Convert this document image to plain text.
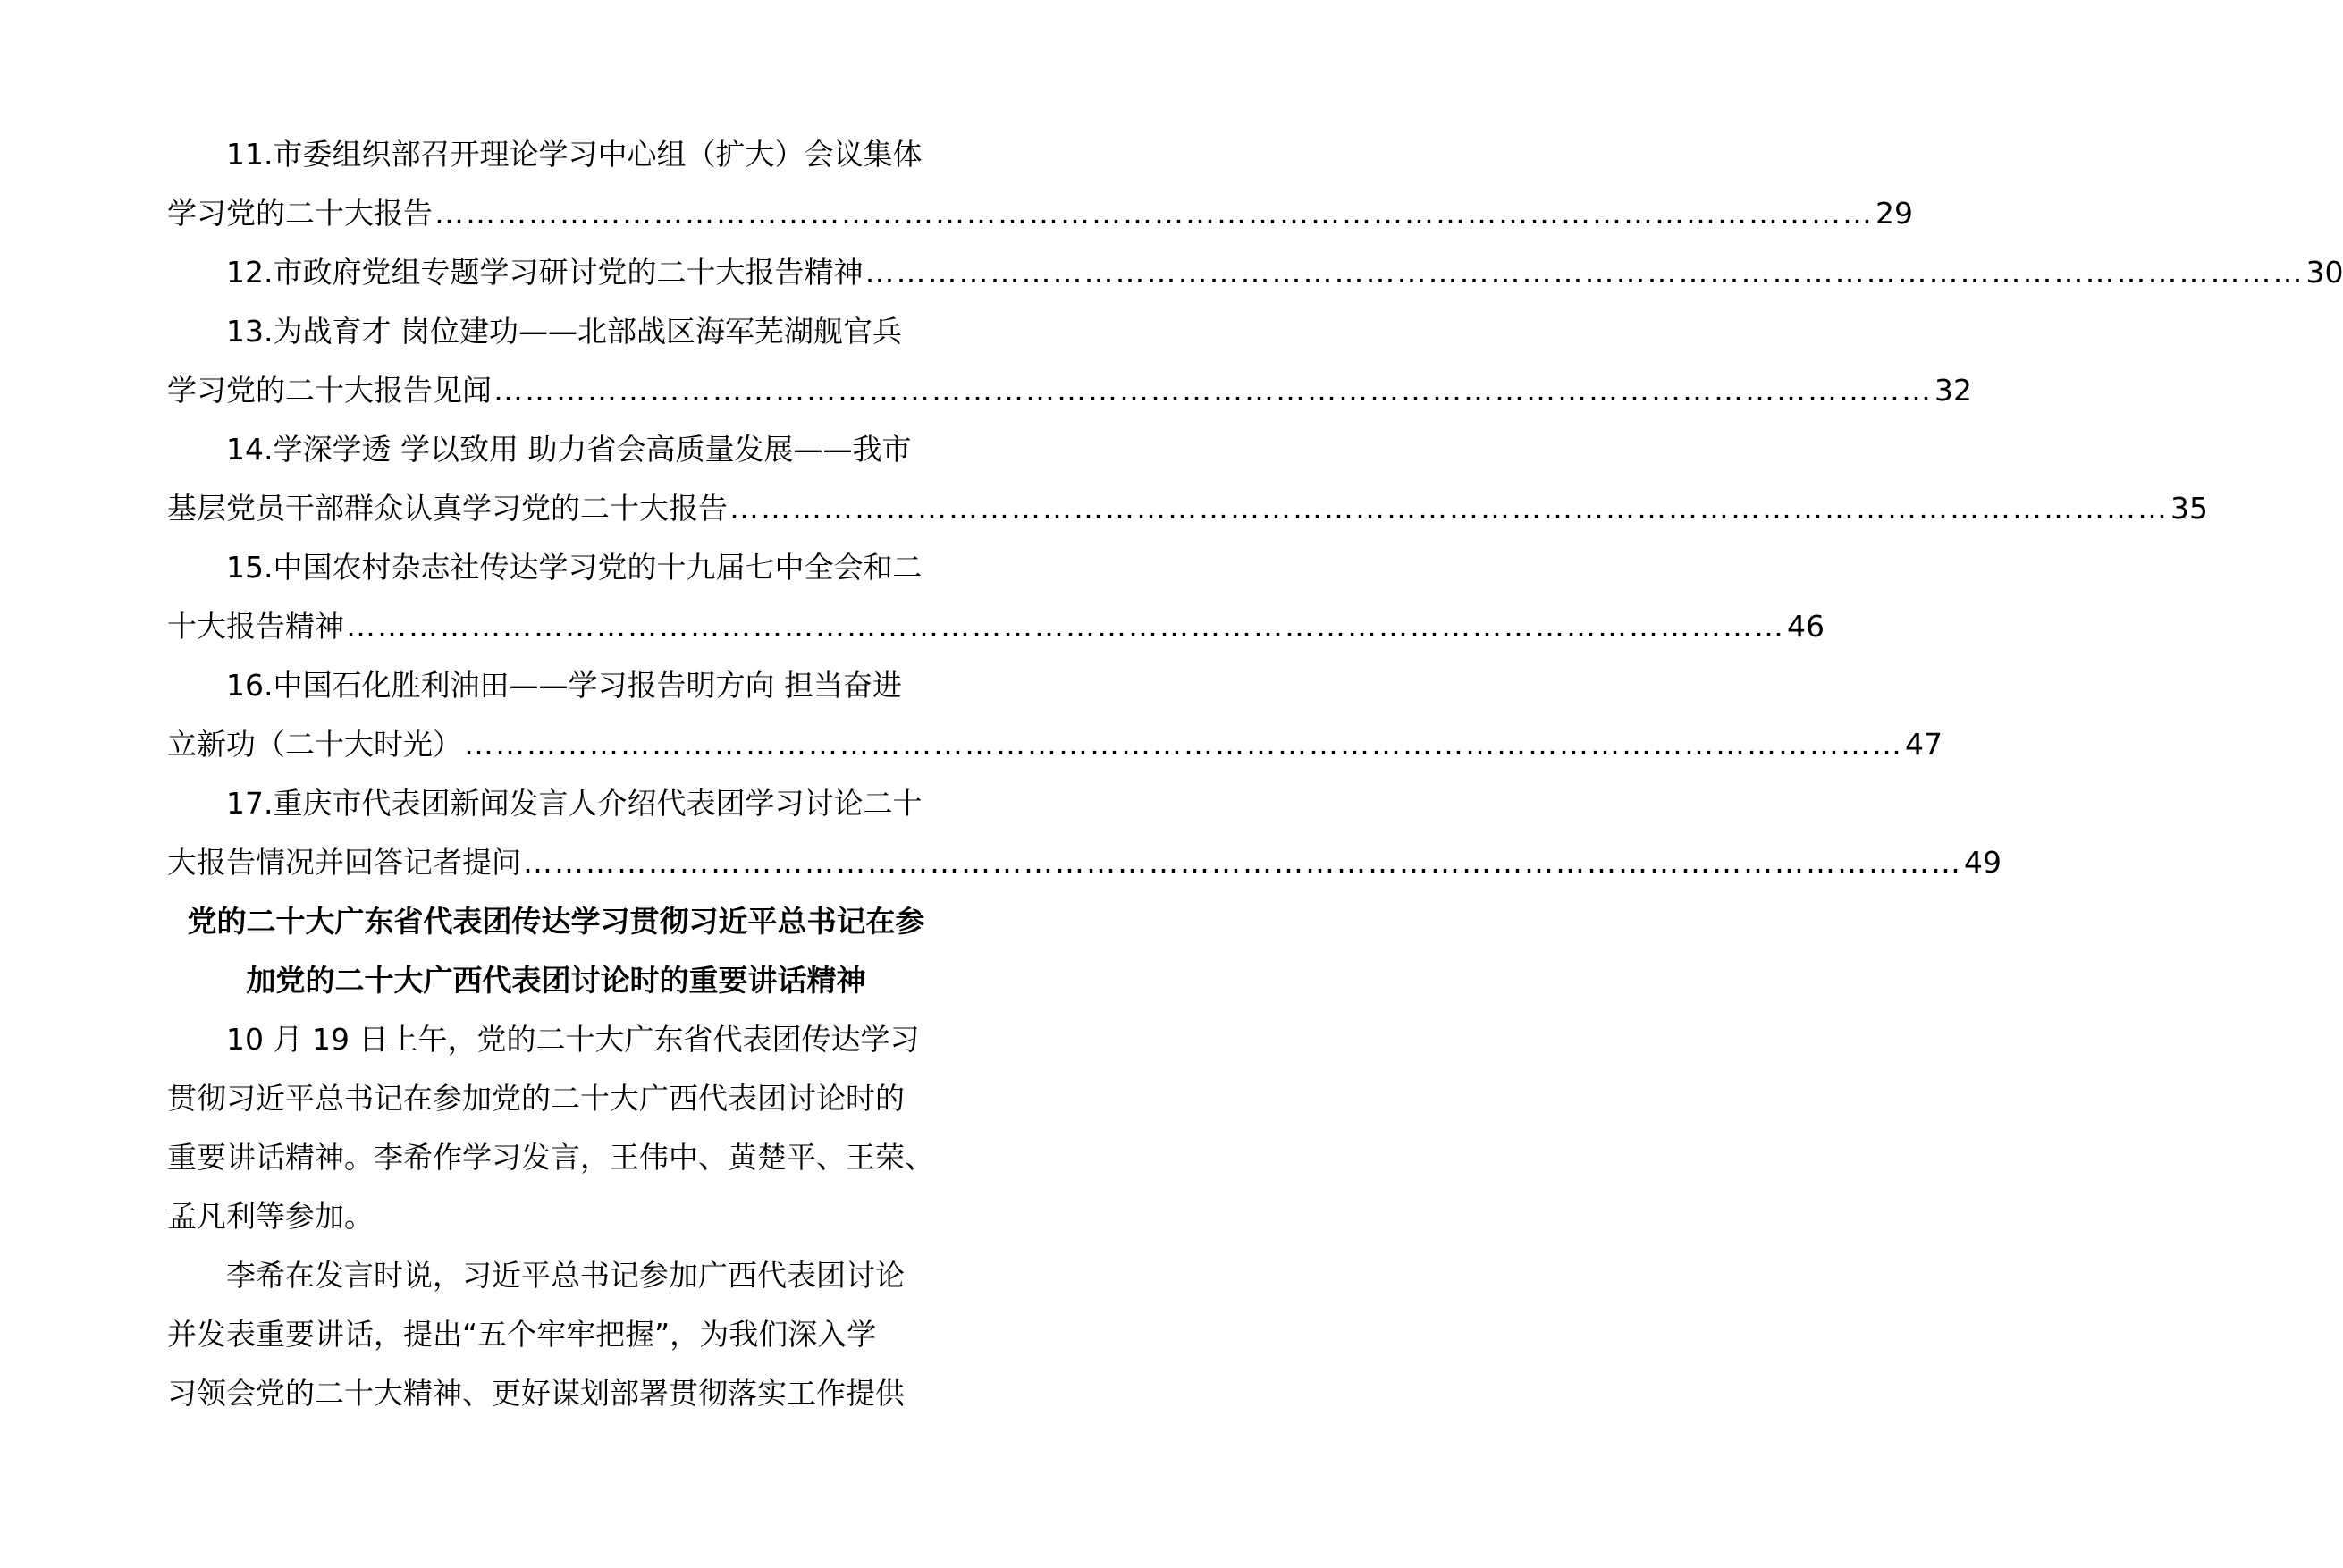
11.市委组织部召开理论学习中心组（扩大）会议集体
学习党的二十大报告 ………………………………………………………………………………………………………………………… 29
12.市政府党组专题学习研讨党的二十大报告精神 ………………………………………………………………………………………………………………………… 30
13.为战育才 岗位建功——北部战区海军芜湖舰官兵
学习党的二十大报告见闻 ………………………………………………………………………………………………………………………… 32
14.学深学透 学以致用 助力省会高质量发展——我市
基层党员干部群众认真学习党的二十大报告 ………………………………………………………………………………………………………………………… 35
15.中国农村杂志社传达学习党的十九届七中全会和二
十大报告精神 ………………………………………………………………………………………………………………………… 46
16.中国石化胜利油田——学习报告明方向 担当奋进
立新功（二十大时光） ………………………………………………………………………………………………………………………… 47
17.重庆市代表团新闻发言人介绍代表团学习讨论二十
大报告情况并回答记者提问 ………………………………………………………………………………………………………………………… 49
党的二十大广东省代表团传达学习贯彻习近平总书记在参
加党的二十大广西代表团讨论时的重要讲话精神
10 月 19 日上午，党的二十大广东省代表团传达学习
贯彻习近平总书记在参加党的二十大广西代表团讨论时的
重要讲话精神。李希作学习发言，王伟中、黄楚平、王荣、
孟凡利等参加。
李希在发言时说，习近平总书记参加广西代表团讨论
并发表重要讲话，提出“五个牢牢把握”，为我们深入学
习领会党的二十大精神、更好谋划部署贯彻落实工作提供
